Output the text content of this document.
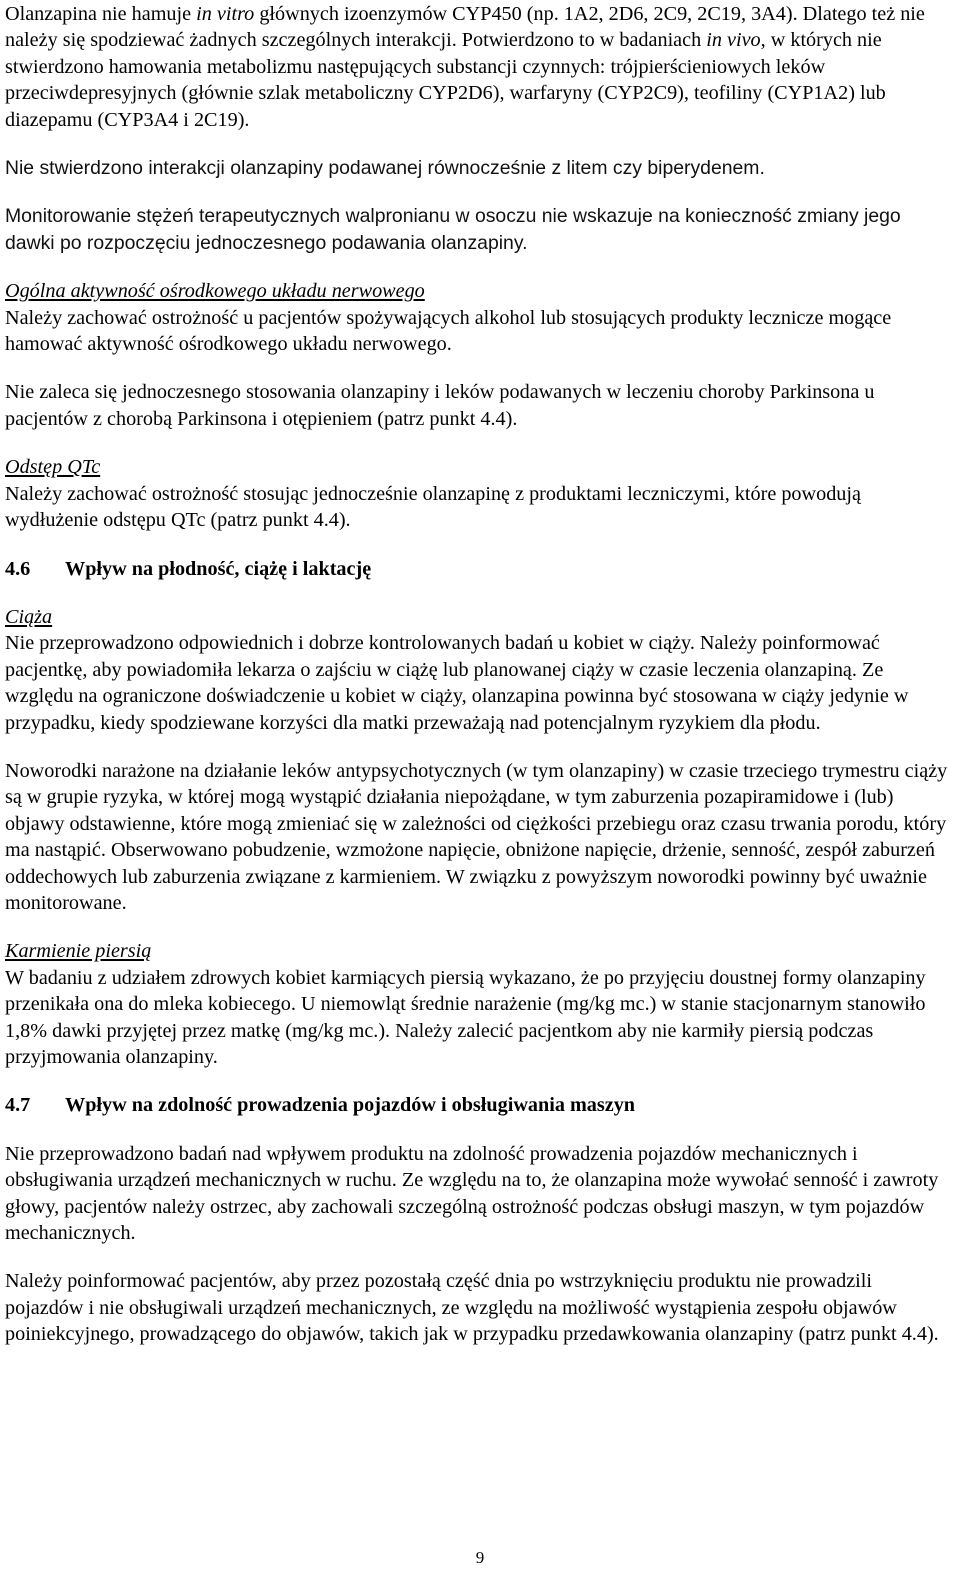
Olanzapina nie hamuje in vitro głównych izoenzymów CYP450 (np. 1A2, 2D6, 2C9, 2C19, 3A4). Dlatego też nie należy się spodziewać żadnych szczególnych interakcji. Potwierdzono to w badaniach in vivo, w których nie stwierdzono hamowania metabolizmu następujących substancji czynnych: trójpierścieniowych leków przeciwdepresyjnych (głównie szlak metaboliczny CYP2D6), warfaryny (CYP2C9), teofiliny (CYP1A2) lub diazepamu (CYP3A4 i 2C19).

Nie stwierdzono interakcji olanzapiny podawanej równocześnie z litem czy biperydenem.

Monitorowanie stężeń terapeutycznych walpronianu w osoczu nie wskazuje na konieczność zmiany jego dawki po rozpoczęciu jednoczesnego podawania olanzapiny.

Ogólna aktywność ośrodkowego układu nerwowego

Należy zachować ostrożność u pacjentów spożywających alkohol lub stosujących produkty lecznicze mogące hamować aktywność ośrodkowego układu nerwowego.

Nie zaleca się jednoczesnego stosowania olanzapiny i leków podawanych w leczeniu choroby Parkinsona u pacjentów z chorobą Parkinsona i otępieniem (patrz punkt 4.4).

Odstęp QTc

Należy zachować ostrożność stosując jednocześnie olanzapinę z produktami leczniczymi, które powodują wydłużenie odstępu QTc (patrz punkt 4.4).

4.6 Wpływ na płodność, ciążę i laktację

Ciąża

Nie przeprowadzono odpowiednich i dobrze kontrolowanych badań u kobiet w ciąży. Należy poinformować pacjentkę, aby powiadomiła lekarza o zajściu w ciążę lub planowanej ciąży w czasie leczenia olanzapiną. Ze względu na ograniczone doświadczenie u kobiet w ciąży, olanzapina powinna być stosowana w ciąży jedynie w przypadku, kiedy spodziewane korzyści dla matki przeważają nad potencjalnym ryzykiem dla płodu.

Noworodki narażone na działanie leków antypsychotycznych (w tym olanzapiny) w czasie trzeciego trymestru ciąży są w grupie ryzyka, w której mogą wystąpić działania niepożądane, w tym zaburzenia pozapiramidowe i (lub) objawy odstawienne, które mogą zmieniać się w zależności od ciężkości przebiegu oraz czasu trwania porodu, który ma nastąpić. Obserwowano pobudzenie, wzmożone napięcie, obniżone napięcie, drżenie, senność, zespół zaburzeń oddechowych lub zaburzenia związane z karmieniem. W związku z powyższym noworodki powinny być uważnie monitorowane.

Karmienie piersią

W badaniu z udziałem zdrowych kobiet karmiących piersią wykazano, że po przyjęciu doustnej formy olanzapiny przenikała ona do mleka kobiecego. U niemowląt średnie narażenie (mg/kg mc.) w stanie stacjonarnym stanowiło 1,8% dawki przyjętej przez matkę (mg/kg mc.). Należy zalecić pacjentkom aby nie karmiły piersią podczas przyjmowania olanzapiny.

4.7 Wpływ na zdolność prowadzenia pojazdów i obsługiwania maszyn

Nie przeprowadzono badań nad wpływem produktu na zdolność prowadzenia pojazdów mechanicznych i obsługiwania urządzeń mechanicznych w ruchu. Ze względu na to, że olanzapina może wywołać senność i zawroty głowy, pacjentów należy ostrzec, aby zachowali szczególną ostrożność podczas obsługi maszyn, w tym pojazdów mechanicznych.

Należy poinformować pacjentów, aby przez pozostałą część dnia po wstrzyknięciu produktu nie prowadzili pojazdów i nie obsługiwali urządzeń mechanicznych, ze względu na możliwość wystąpienia zespołu objawów poiniekcyjnego, prowadzącego do objawów, takich jak w przypadku przedawkowania olanzapiny (patrz punkt 4.4).

9
